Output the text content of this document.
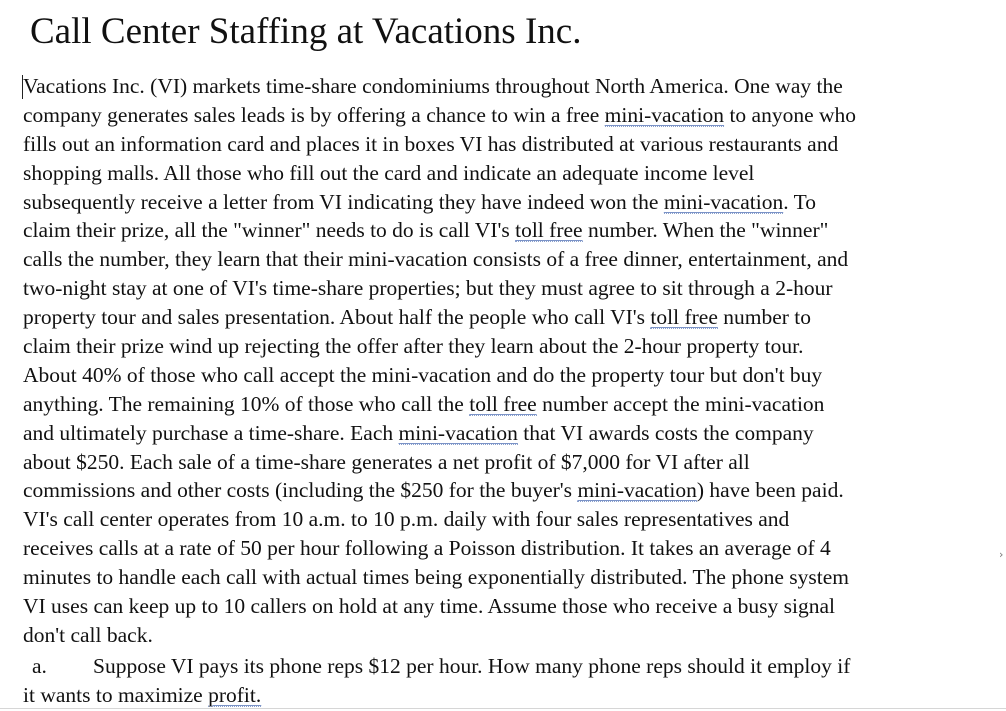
Call Center Staffing at Vacations Inc.
Vacations Inc. (VI) markets time-share condominiums throughout North America. One way the
company generates sales leads is by offering a chance to win a free mini-vacation to anyone who
fills out an information card and places it in boxes VI has distributed at various restaurants and
shopping malls. All those who fill out the card and indicate an adequate income level
subsequently receive a letter from VI indicating they have indeed won the mini-vacation. To
claim their prize, all the "winner" needs to do is call VI's toll free number. When the "winner"
calls the number, they learn that their mini-vacation consists of a free dinner, entertainment, and
two-night stay at one of VI's time-share properties; but they must agree to sit through a 2-hour
property tour and sales presentation. About half the people who call VI's toll free number to
claim their prize wind up rejecting the offer after they learn about the 2-hour property tour.
About 40% of those who call accept the mini-vacation and do the property tour but don't buy
anything. The remaining 10% of those who call the toll free number accept the mini-vacation
and ultimately purchase a time-share. Each mini-vacation that VI awards costs the company
about $250. Each sale of a time-share generates a net profit of $7,000 for VI after all
commissions and other costs (including the $250 for the buyer's mini-vacation) have been paid.
VI's call center operates from 10 a.m. to 10 p.m. daily with four sales representatives and
receives calls at a rate of 50 per hour following a Poisson distribution. It takes an average of 4
minutes to handle each call with actual times being exponentially distributed. The phone system
VI uses can keep up to 10 callers on hold at any time. Assume those who receive a busy signal
don't call back.
a. Suppose VI pays its phone reps $12 per hour. How many phone reps should it employ if
it wants to maximize profit.
›
